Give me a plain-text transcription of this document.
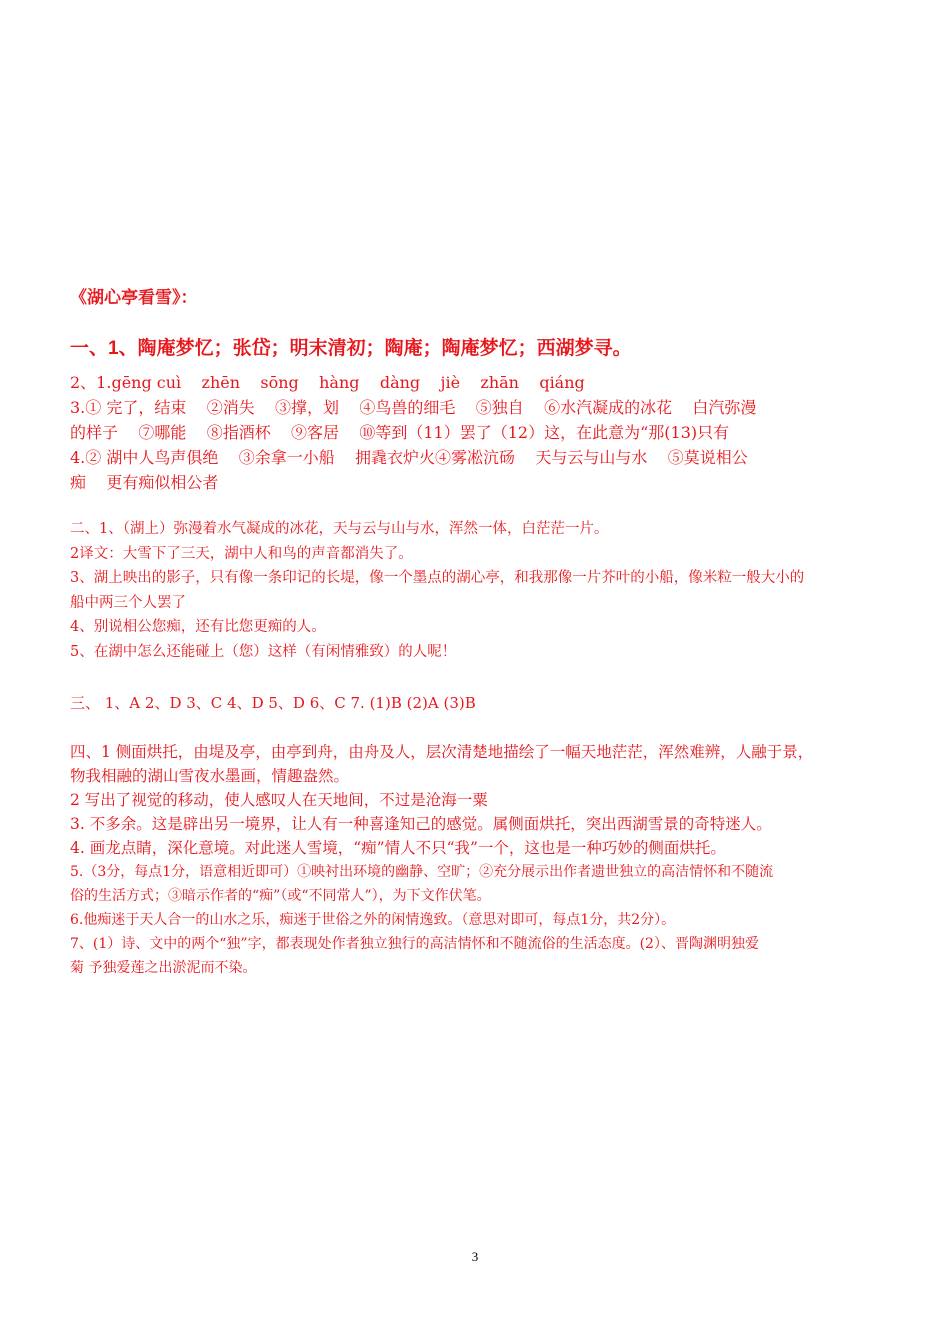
《湖心亭看雪》：
一、1、陶庵梦忆；张岱；明末清初；陶庵；陶庵梦忆；西湖梦寻。
2、1.gēng cuì    zhēn    sōng    hàng    dàng    jiè    zhān    qiáng
3.① 完了，结束    ②消失    ③撑，划    ④鸟兽的细毛    ⑤独自    ⑥水汽凝成的冰花    白汽弥漫
的样子    ⑦哪能    ⑧指酒杯    ⑨客居    ⑩等到（11）罢了（12）这，在此意为“那(13)只有
4.② 湖中人鸟声俱绝    ③余拿一小船    拥毳衣炉火④雾凇沆砀    天与云与山与水    ⑤莫说相公
痴    更有痴似相公者
二、1、（湖上）弥漫着水气凝成的冰花，天与云与山与水，浑然一体，白茫茫一片。
2译文：大雪下了三天，湖中人和鸟的声音都消失了。
3、湖上映出的影子，只有像一条印记的长堤，像一个墨点的湖心亭，和我那像一片芥叶的小船，像米粒一般大小的
船中两三个人罢了
4、别说相公您痴，还有比您更痴的人。
5、在湖中怎么还能碰上（您）这样（有闲情雅致）的人呢！
三、 1、A 2、D 3、C 4、D 5、D 6、C 7. (1)B (2)A (3)B
四、1 侧面烘托，由堤及亭，由亭到舟，由舟及人，层次清楚地描绘了一幅天地茫茫，浑然难辨，人融于景，
物我相融的湖山雪夜水墨画，情趣盎然。
2 写出了视觉的移动，使人感叹人在天地间，不过是沧海一粟
3. 不多余。这是辟出另一境界，让人有一种喜逢知己的感觉。属侧面烘托，突出西湖雪景的奇特迷人。
4. 画龙点睛，深化意境。对此迷人雪境，“痴”情人不只“我”一个，这也是一种巧妙的侧面烘托。
5.（3分，每点1分，语意相近即可）①映衬出环境的幽静、空旷；②充分展示出作者遗世独立的高洁情怀和不随流
俗的生活方式；③暗示作者的“痴”（或“不同常人”），为下文作伏笔。
6.他痴迷于天人合一的山水之乐，痴迷于世俗之外的闲情逸致。（意思对即可，每点1分，共2分）。
7、(1）诗、文中的两个“独”字，都表现处作者独立独行的高洁情怀和不随流俗的生活态度。(2）、晋陶渊明独爱
菊 予独爱莲之出淤泥而不染。
3
